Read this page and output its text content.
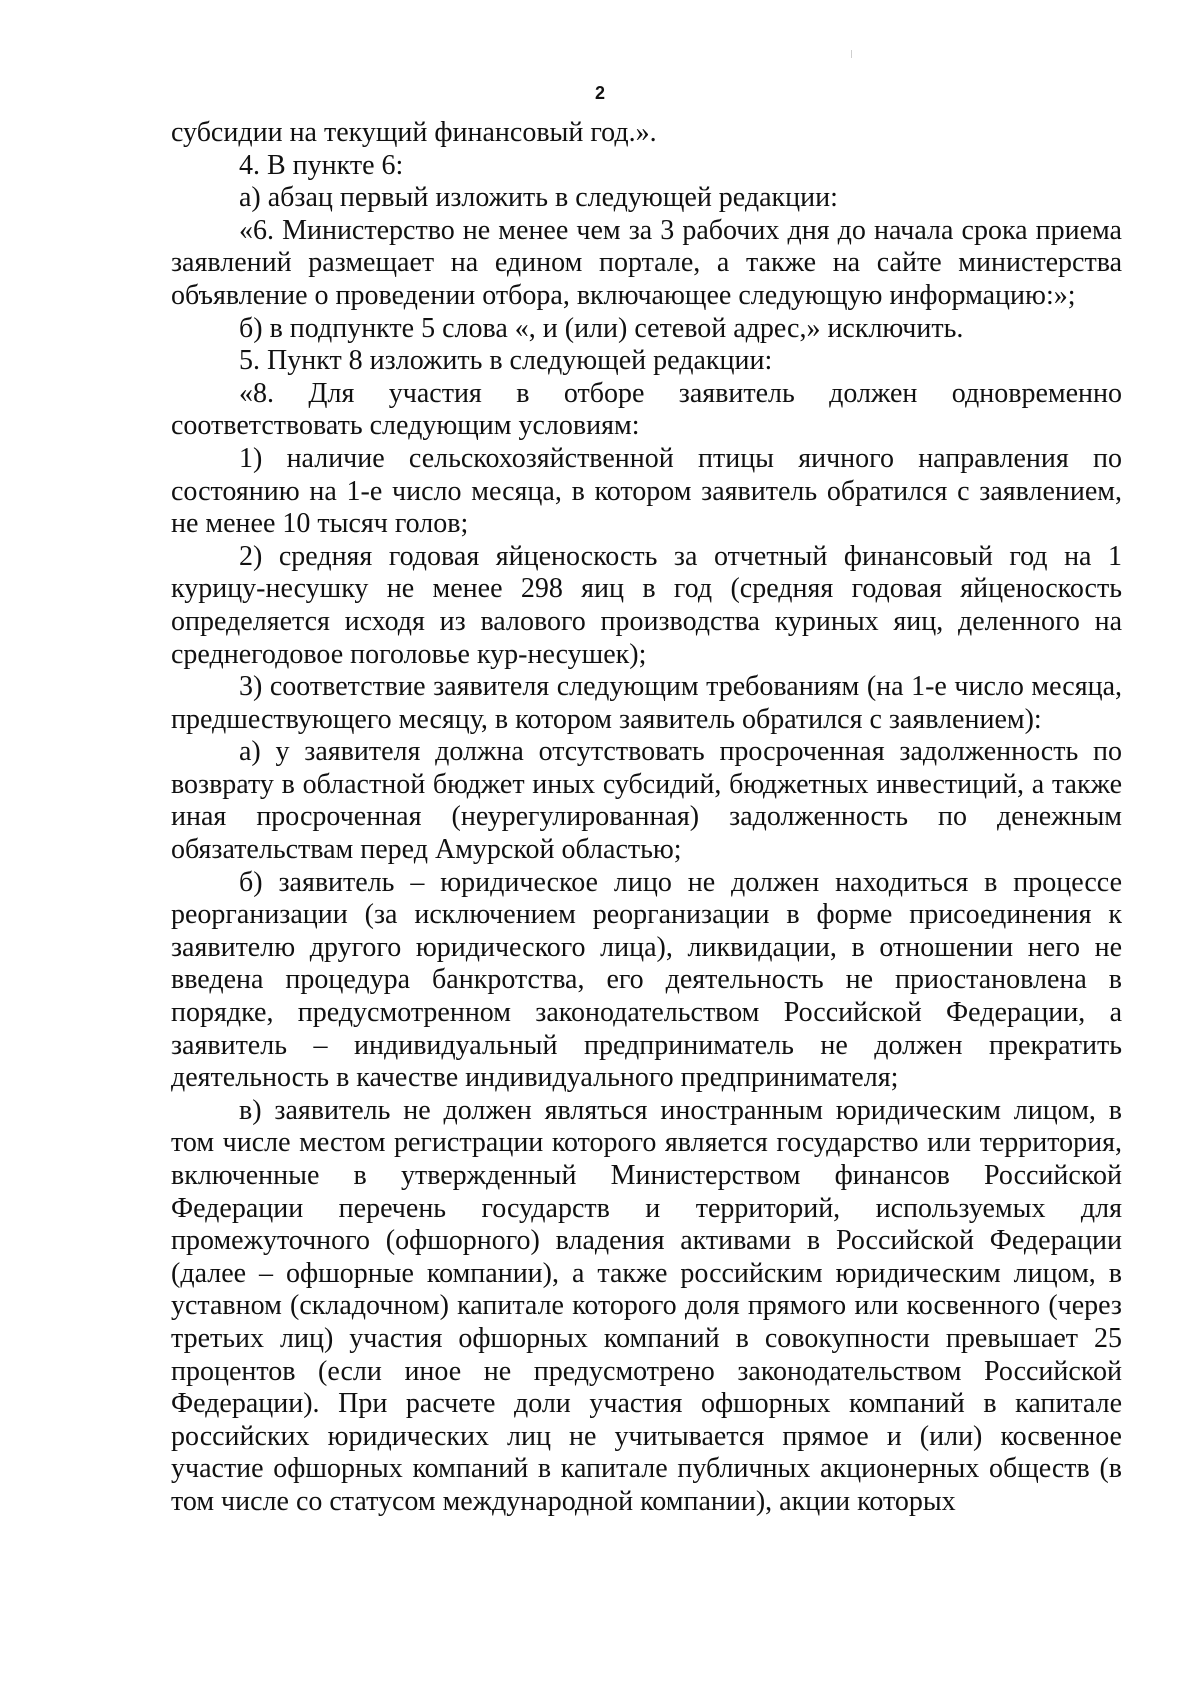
2

субсидии на текущий финансовый год.».

4. В пункте 6:

а) абзац первый изложить в следующей редакции:

«6. Министерство не менее чем за 3 рабочих дня до начала срока приема заявлений размещает на едином портале, а также на сайте министерства объявление о проведении отбора, включающее следующую информацию:»;

б) в подпункте 5 слова «, и (или) сетевой адрес,» исключить.

5. Пункт 8 изложить в следующей редакции:

«8. Для участия в отборе заявитель должен одновременно соответствовать следующим условиям:

1) наличие сельскохозяйственной птицы яичного направления по состоянию на 1-е число месяца, в котором заявитель обратился с заявлением, не менее 10 тысяч голов;

2) средняя годовая яйценоскость за отчетный финансовый год на 1 курицу-несушку не менее 298 яиц в год (средняя годовая яйценоскость определяется исходя из валового производства куриных яиц, деленного на среднегодовое поголовье кур-несушек);

3) соответствие заявителя следующим требованиям (на 1-е число месяца, предшествующего месяцу, в котором заявитель обратился с заявлением):

а) у заявителя должна отсутствовать просроченная задолженность по возврату в областной бюджет иных субсидий, бюджетных инвестиций, а также иная просроченная (неурегулированная) задолженность по денежным обязательствам перед Амурской областью;

б) заявитель – юридическое лицо не должен находиться в процессе реорганизации (за исключением реорганизации в форме присоединения к заявителю другого юридического лица), ликвидации, в отношении него не введена процедура банкротства, его деятельность не приостановлена в порядке, предусмотренном законодательством Российской Федерации, а заявитель – индивидуальный предприниматель не должен прекратить деятельность в качестве индивидуального предпринимателя;

в) заявитель не должен являться иностранным юридическим лицом, в том числе местом регистрации которого является государство или территория, включенные в утвержденный Министерством финансов Российской Федерации перечень государств и территорий, используемых для промежуточного (офшорного) владения активами в Российской Федерации (далее – офшорные компании), а также российским юридическим лицом, в уставном (складочном) капитале которого доля прямого или косвенного (через третьих лиц) участия офшорных компаний в совокупности превышает 25 процентов (если иное не предусмотрено законодательством Российской Федерации). При расчете доли участия офшорных компаний в капитале российских юридических лиц не учитывается прямое и (или) косвенное участие офшорных компаний в капитале публичных акционерных обществ (в том числе со статусом международной компании), акции которых
